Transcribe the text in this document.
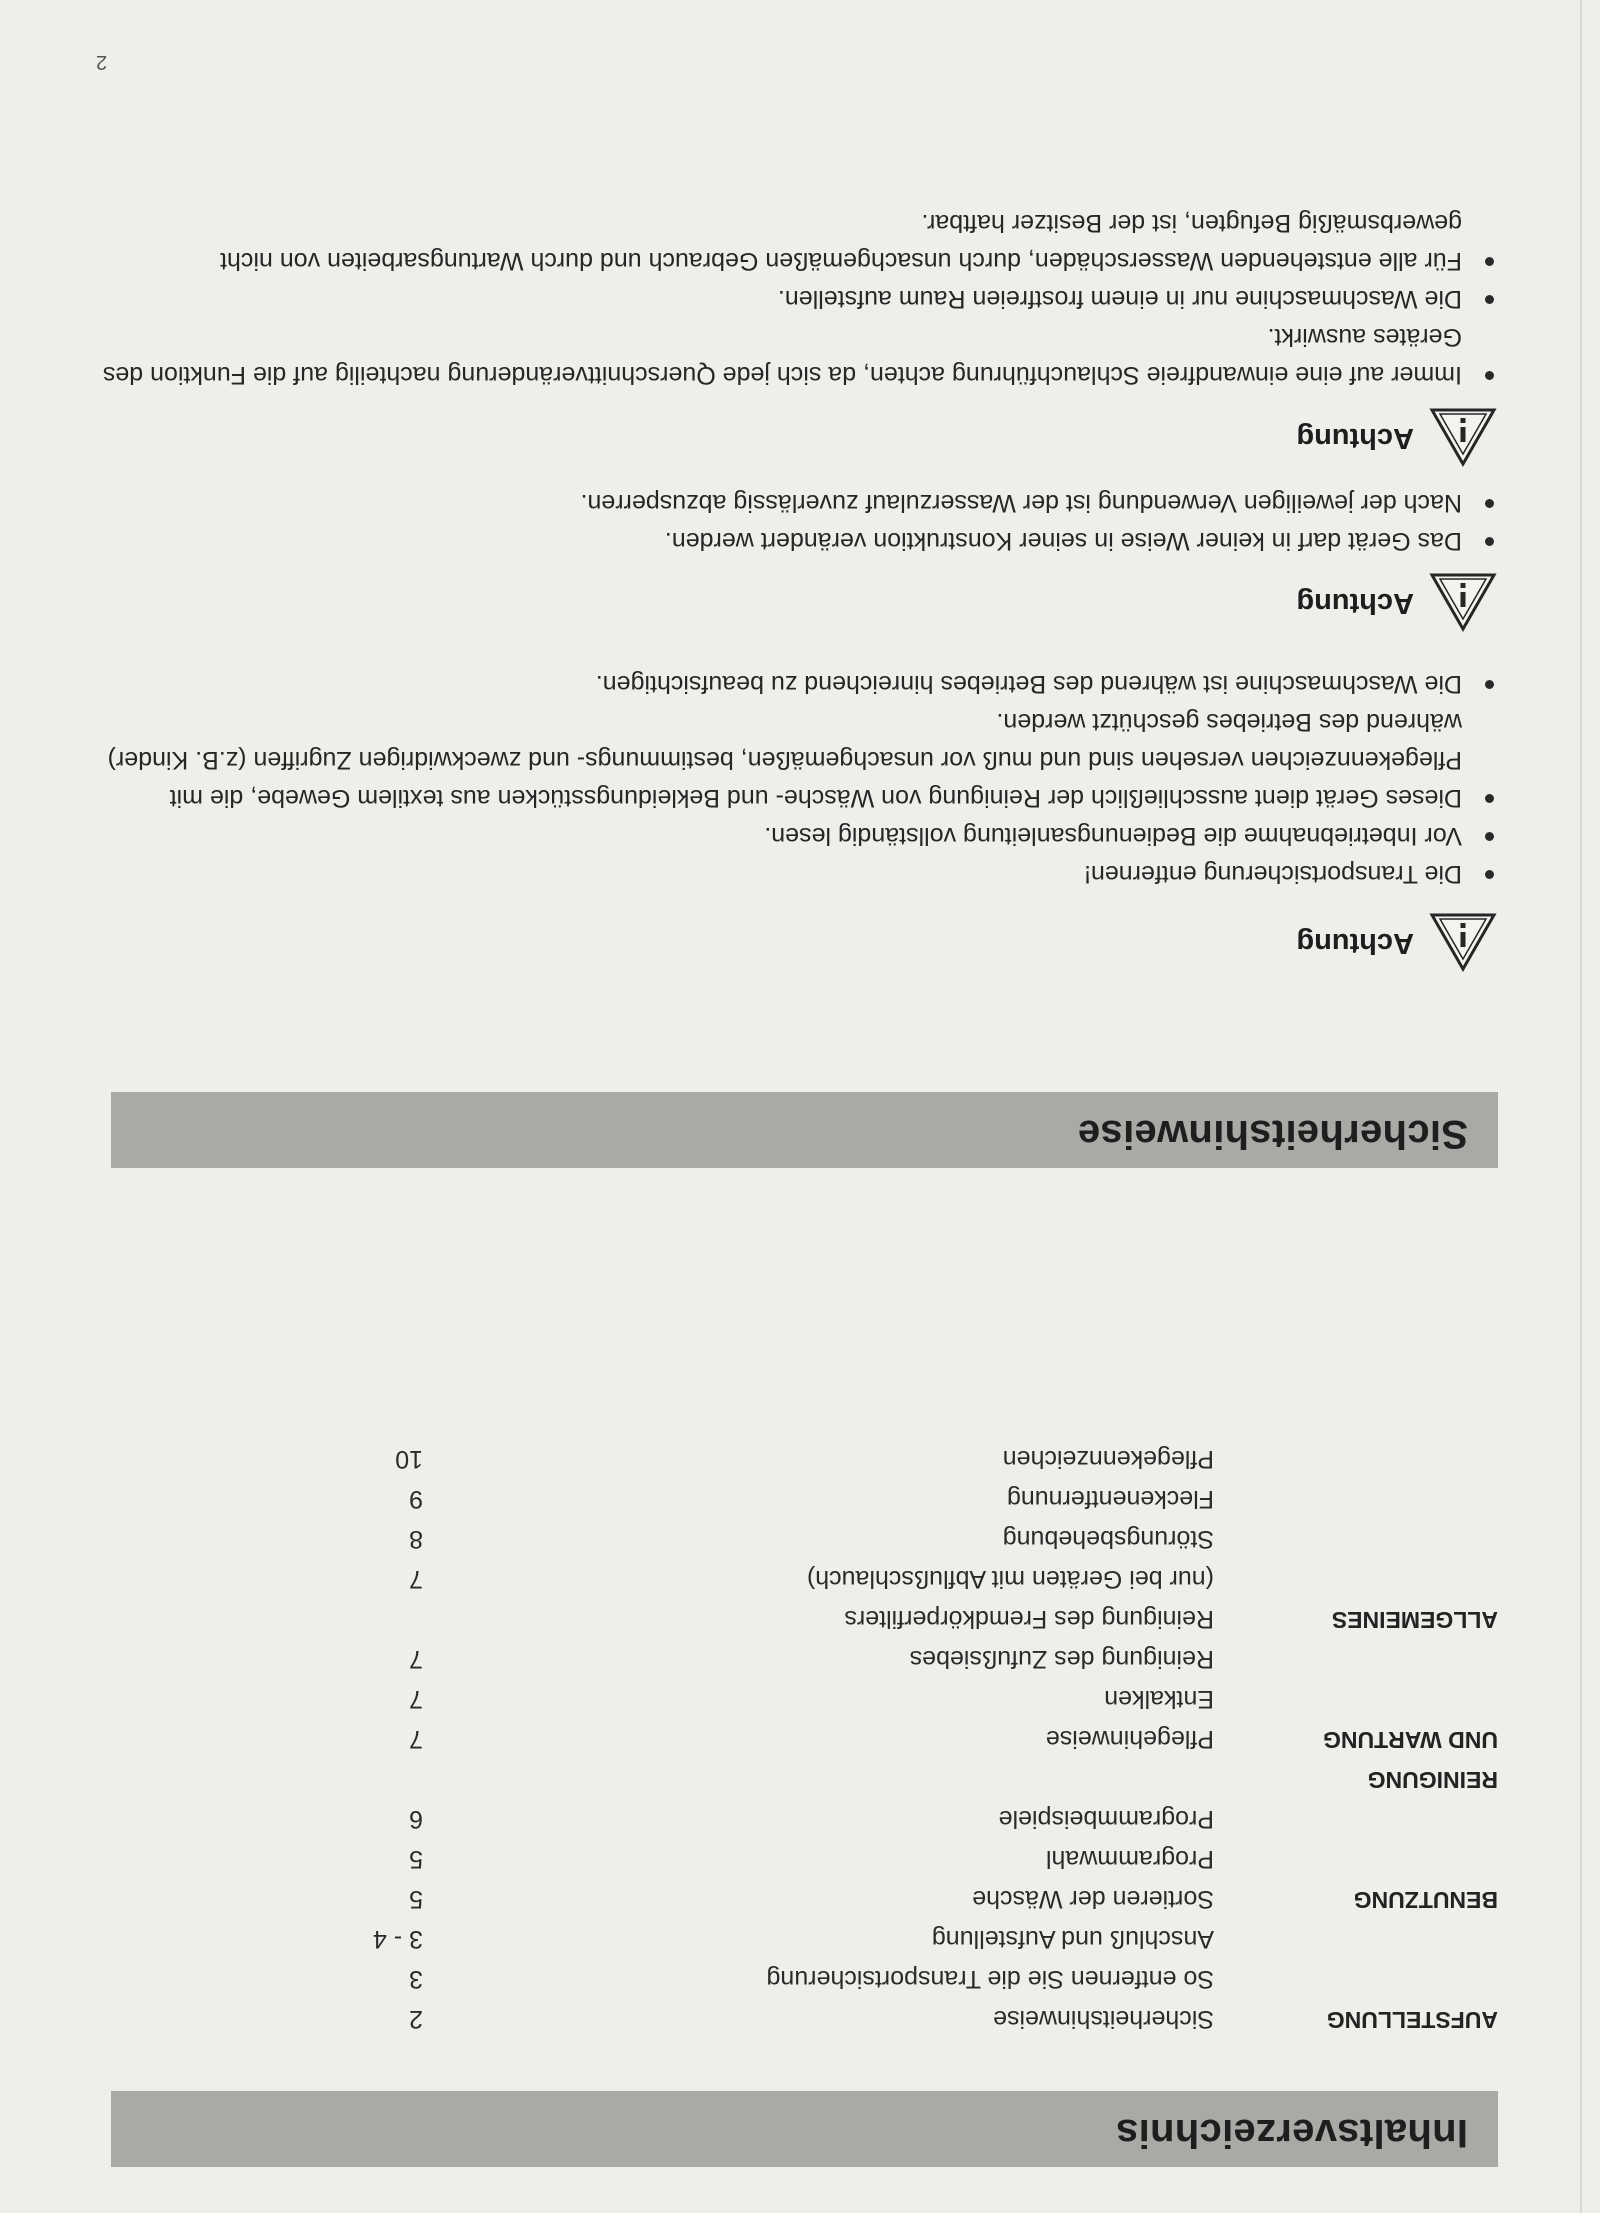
Inhaltsverzeichnis
AUFSTELLUNG
Sicherheitshinweise
2
So entfernen Sie die Transportsicherung
3
Anschluß und Aufstellung
3 - 4
BENUTZUNG
Sortieren der Wäsche
5
Programmwahl
5
Programmbeispiele
6
REINIGUNG
UND WARTUNG
Pflegehinweise
7
Entkalken
7
Reinigung des Zufußsiebes
7
ALLGEMEINES
Reinigung des Fremdkörperfilters
(nur bei Geräten mit Abflußschlauch)
7
Störungsbehebung
8
Fleckenentfernung
9
Pflegekennzeichen
10
Sicherheitshinweise
Achtung
Die Transportsicherung entfernen!
Vor Inbetriebnahme die Bedienungsanleitung vollständig lesen.
Dieses Gerät dient ausschließlich der Reinigung von Wäsche- und Bekleidungsstücken aus textilem Gewebe, die mit Pflegekennzeichen versehen sind und muß vor unsachgemäßen, bestimmungs- und zweckwidrigen Zugriffen (z.B. Kinder) während des Betriebes geschützt werden.
Die Waschmaschine ist während des Betriebes hinreichend zu beaufsichtigen.
Achtung
Das Gerät darf in keiner Weise in seiner Konstruktion verändert werden.
Nach der jeweiligen Verwendung ist der Wasserzulauf zuverlässig abzusperren.
Achtung
Immer auf eine einwandfreie Schlauchführung achten, da sich jede Querschnittveränderung nachteilig auf die Funktion des Gerätes auswirkt.
Die Waschmaschine nur in einem frostfreien Raum aufstellen.
Für alle entstehenden Wasserschäden, durch unsachgemäßen Gebrauch und durch Wartungsarbeiten von nicht gewerbsmäßig Befugten, ist der Besitzer haftbar.
2
